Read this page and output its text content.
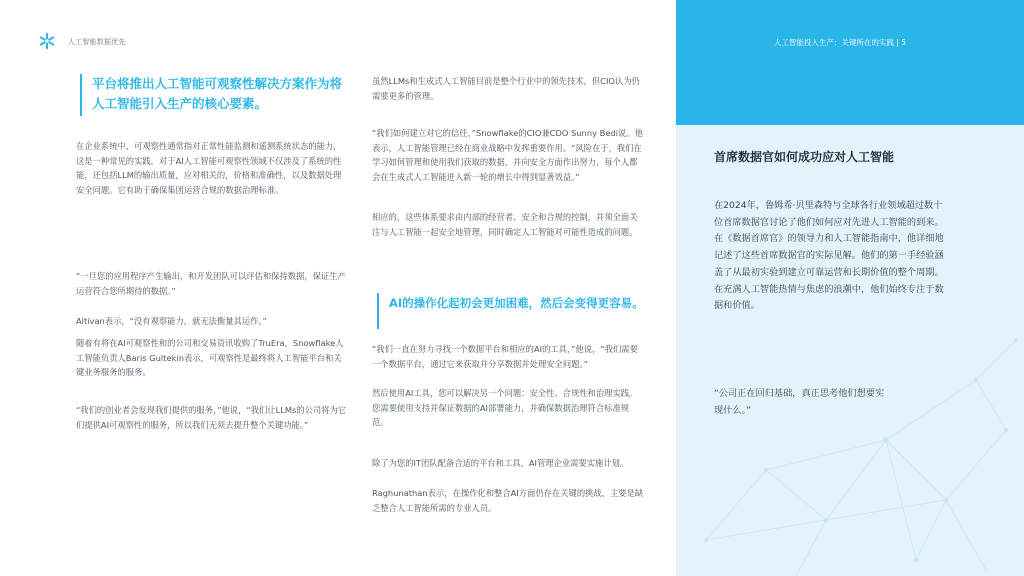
人工智能数据优先	人工智能投入生产：关键所在的实践 | 5
平台将推出人工智能可观察性解决方案作为将人工智能引入生产的核心要素。

在企业系统中，可观察性通常指对正常性能监测和遥测系统状态的能力，这是一种常见的实践。对于AI人工智能可观察性领域不仅涉及了系统的性能，还包括LLM的输出质量，应对相关的，价格和准确性，以及数据处理安全问题。它有助于确保集团运营合规的数据治理标准。

“一旦您的应用程序产生输出，和开发团队可以评估和保持数据，保证生产运营符合您所期待的数据。”

Altivan表示，“没有观察能力，就无法衡量其运作。”

随着有将在AI可观察性和的公司和交易资讯收购了TruEra，Snowflake人工智能负责人Baris Gultekin表示，可观察性是最终将人工智能平台和关键业务服务的服务。

“我们的创业者会发现我们提供的服务，”他说，“我们让LLMs的公司将为它们提供AI可观察性的服务，所以我们无须去提升整个关键功能。”

虽然LLMs和生成式人工智能目前是整个行业中的领先技术，但CIO认为仍需要更多的管理。

“我们如何建立对它的信任，”Snowflake的CIO兼CDO Sunny Bedi说。他表示，人工智能管理已经在商业战略中发挥重要作用。“风险在于，我们在学习如何管理和使用我们获取的数据，并向安全方面作出努力，每个人都会在生成式人工智能进入新一轮的增长中得到显著效益。”

相应的，这些体系要求由内部的经营者、安全和合规的控制，并须全面关注与人工智能一起安全地管理，同时确定人工智能对可能性造成的问题。

AI的操作化起初会更加困难，然后会变得更容易。

“我们一直在努力寻找一个数据平台和相应的AI的工具，”他说，“我们需要一个数据平台，通过它来获取并分享数据并处理安全问题。”

然后使用AI工具，您可以解决另一个问题：安全性、合规性和治理实践。您需要使用支持并保证数据的AI部署能力，并确保数据治理符合标准规范。

除了为您的IT团队配备合适的平台和工具，AI管理企业需要实施计划。

Raghunathan表示，在操作化和整合AI方面仍存在关键的挑战，主要是缺乏整合人工智能所需的专业人员。

首席数据官如何成功应对人工智能

在2024年，鲁姆希·贝里森特与全球各行业领域超过数十位首席数据官讨论了他们如何应对先进人工智能的到来。在《数据首席官》的领导力和人工智能指南中，他详细地记述了这些首席数据官的实际见解。他们的第一手经验涵盖了从最初实验到建立可靠运营和长期价值的整个周期。在充满人工智能热情与焦虑的浪潮中，他们始终专注于数据和价值。

“公司正在回归基础，真正思考他们想要实现什么。”
